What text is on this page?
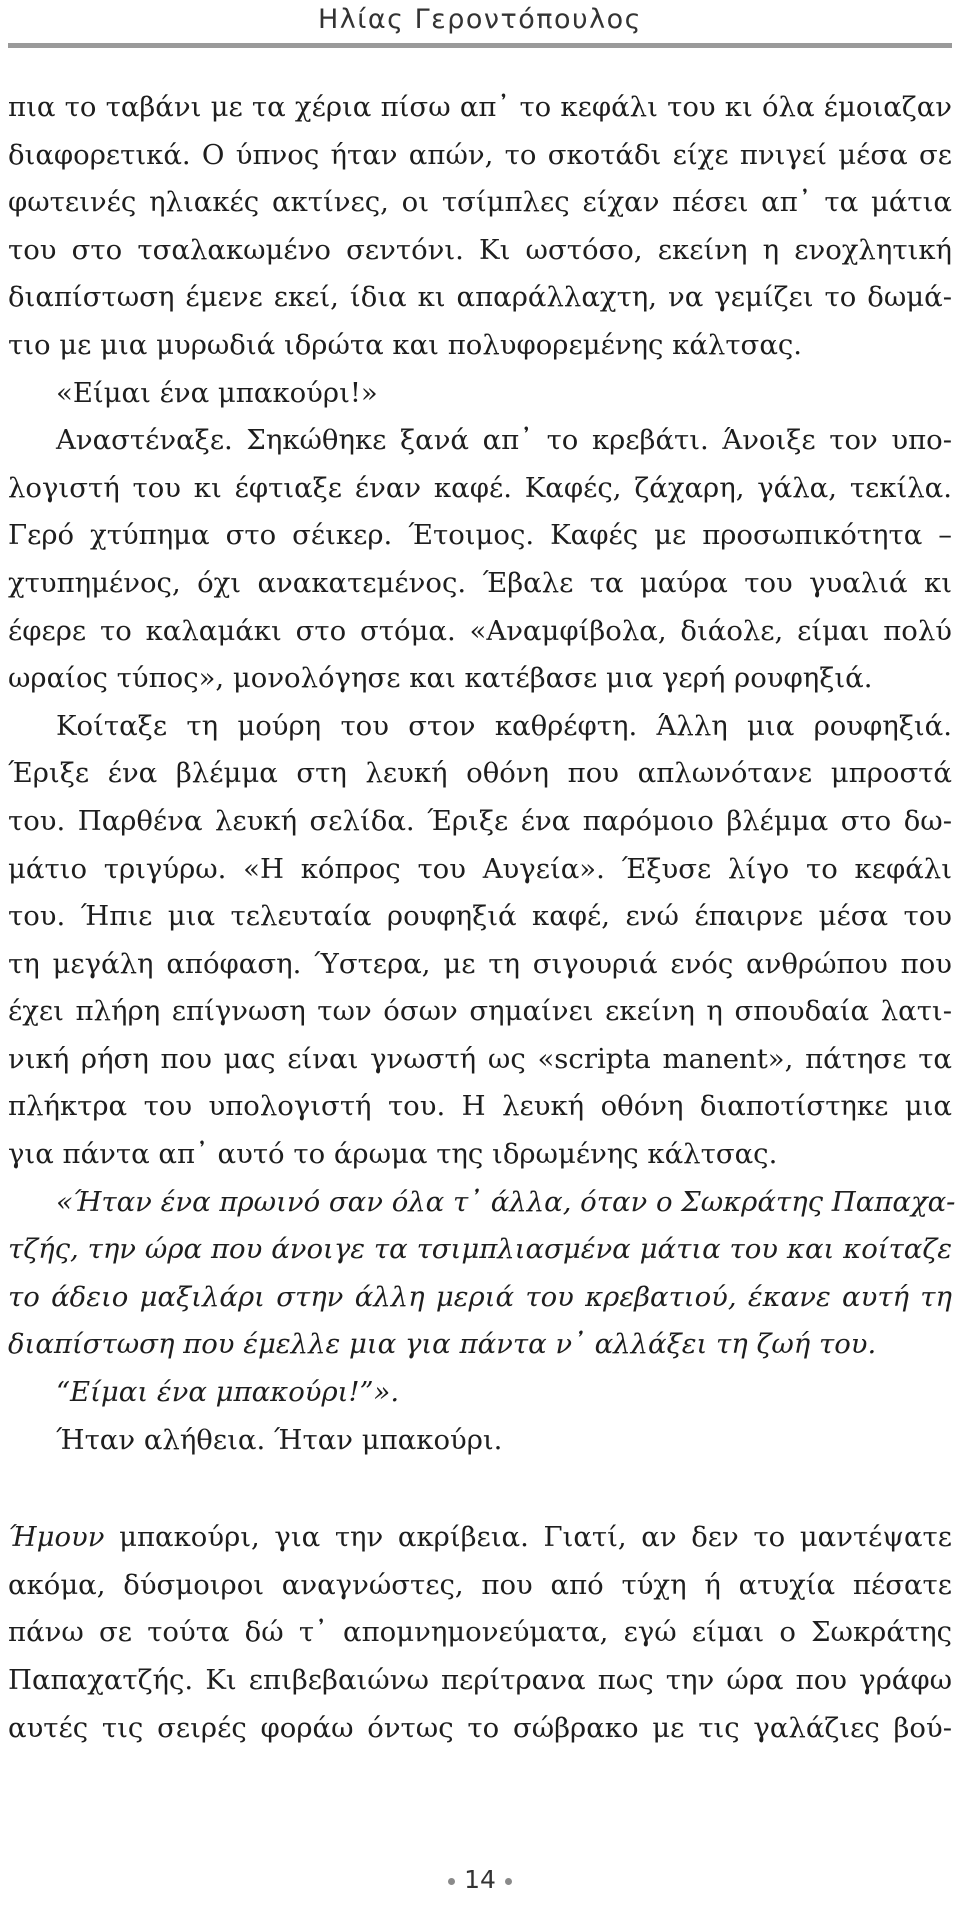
Ηλίας Γεροντόπουλος
πια το ταβάνι με τα χέρια πίσω απ᾽ το κεφάλι του κι όλα έμοιαζαν
διαφορετικά. Ο ύπνος ήταν απών, το σκοτάδι είχε πνιγεί μέσα σε
φωτεινές ηλιακές ακτίνες, οι τσίμπλες είχαν πέσει απ᾽ τα μάτια
του στο τσαλακωμένο σεντόνι. Κι ωστόσο, εκείνη η ενοχλητική
διαπίστωση έμενε εκεί, ίδια κι απαράλλαχτη, να γεμίζει το δωμά-
τιο με μια μυρωδιά ιδρώτα και πολυφορεμένης κάλτσας.
«Είμαι ένα μπακούρι!»
Αναστέναξε. Σηκώθηκε ξανά απ᾽ το κρεβάτι. Άνοιξε τον υπο-
λογιστή του κι έφτιαξε έναν καφέ. Καφές, ζάχαρη, γάλα, τεκίλα.
Γερό χτύπημα στο σέικερ. Έτοιμος. Καφές με προσωπικότητα –
χτυπημένος, όχι ανακατεμένος. Έβαλε τα μαύρα του γυαλιά κι
έφερε το καλαμάκι στο στόμα. «Αναμφίβολα, διάολε, είμαι πολύ
ωραίος τύπος», μονολόγησε και κατέβασε μια γερή ρουφηξιά.
Κοίταξε τη μούρη του στον καθρέφτη. Άλλη μια ρουφηξιά.
Έριξε ένα βλέμμα στη λευκή οθόνη που απλωνότανε μπροστά
του. Παρθένα λευκή σελίδα. Έριξε ένα παρόμοιο βλέμμα στο δω-
μάτιο τριγύρω. «Η κόπρος του Αυγεία». Έξυσε λίγο το κεφάλι
του. Ήπιε μια τελευταία ρουφηξιά καφέ, ενώ έπαιρνε μέσα του
τη μεγάλη απόφαση. Ύστερα, με τη σιγουριά ενός ανθρώπου που
έχει πλήρη επίγνωση των όσων σημαίνει εκείνη η σπουδαία λατι-
νική ρήση που μας είναι γνωστή ως «scripta manent», πάτησε τα
πλήκτρα του υπολογιστή του. Η λευκή οθόνη διαποτίστηκε μια
για πάντα απ᾽ αυτό το άρωμα της ιδρωμένης κάλτσας.
«Ήταν ένα πρωινό σαν όλα τ᾽ άλλα, όταν ο Σωκράτης Παπαχα-
τζής, την ώρα που άνοιγε τα τσιμπλιασμένα μάτια του και κοίταζε
το άδειο μαξιλάρι στην άλλη μεριά του κρεβατιού, έκανε αυτή τη
διαπίστωση που έμελλε μια για πάντα ν᾽ αλλάξει τη ζωή του.
“Είμαι ένα μπακούρι!”».
Ήταν αλήθεια. Ήταν μπακούρι.
Ήμουν μπακούρι, για την ακρίβεια. Γιατί, αν δεν το μαντέψατε
ακόμα, δύσμοιροι αναγνώστες, που από τύχη ή ατυχία πέσατε
πάνω σε τούτα δώ τ᾽ απομνημονεύματα, εγώ είμαι ο Σωκράτης
Παπαχατζής. Κι επιβεβαιώνω περίτρανα πως την ώρα που γράφω
αυτές τις σειρές φοράω όντως το σώβρακο με τις γαλάζιες βού-
14
